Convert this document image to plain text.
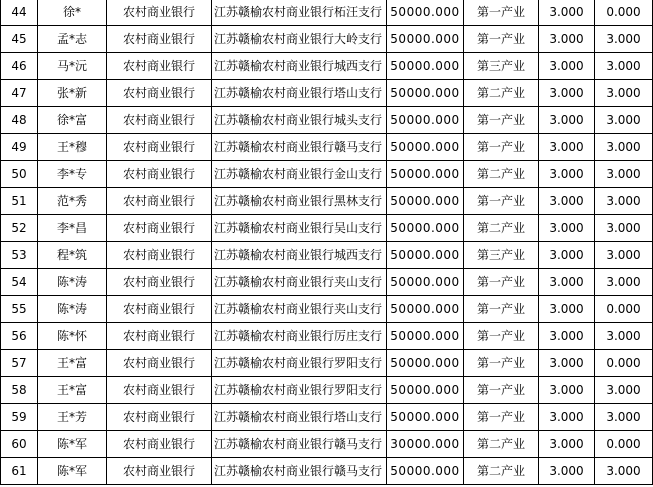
44	徐*	农村商业银行	江苏赣榆农村商业银行柘汪支行	50000.000	第一产业	3.000	0.000
45	孟*志	农村商业银行	江苏赣榆农村商业银行大岭支行	50000.000	第一产业	3.000	3.000
46	马*沅	农村商业银行	江苏赣榆农村商业银行城西支行	50000.000	第三产业	3.000	3.000
47	张*新	农村商业银行	江苏赣榆农村商业银行塔山支行	50000.000	第二产业	3.000	3.000
48	徐*富	农村商业银行	江苏赣榆农村商业银行城头支行	50000.000	第一产业	3.000	3.000
49	王*穆	农村商业银行	江苏赣榆农村商业银行赣马支行	50000.000	第一产业	3.000	3.000
50	李*专	农村商业银行	江苏赣榆农村商业银行金山支行	50000.000	第二产业	3.000	3.000
51	范*秀	农村商业银行	江苏赣榆农村商业银行黑林支行	50000.000	第一产业	3.000	3.000
52	李*昌	农村商业银行	江苏赣榆农村商业银行吴山支行	50000.000	第二产业	3.000	3.000
53	程*筑	农村商业银行	江苏赣榆农村商业银行城西支行	50000.000	第三产业	3.000	3.000
54	陈*涛	农村商业银行	江苏赣榆农村商业银行夹山支行	50000.000	第一产业	3.000	3.000
55	陈*涛	农村商业银行	江苏赣榆农村商业银行夹山支行	50000.000	第一产业	3.000	0.000
56	陈*怀	农村商业银行	江苏赣榆农村商业银行厉庄支行	50000.000	第一产业	3.000	3.000
57	王*富	农村商业银行	江苏赣榆农村商业银行罗阳支行	50000.000	第一产业	3.000	0.000
58	王*富	农村商业银行	江苏赣榆农村商业银行罗阳支行	50000.000	第一产业	3.000	3.000
59	王*芳	农村商业银行	江苏赣榆农村商业银行塔山支行	50000.000	第一产业	3.000	3.000
60	陈*军	农村商业银行	江苏赣榆农村商业银行赣马支行	30000.000	第二产业	3.000	0.000
61	陈*军	农村商业银行	江苏赣榆农村商业银行赣马支行	50000.000	第二产业	3.000	3.000
